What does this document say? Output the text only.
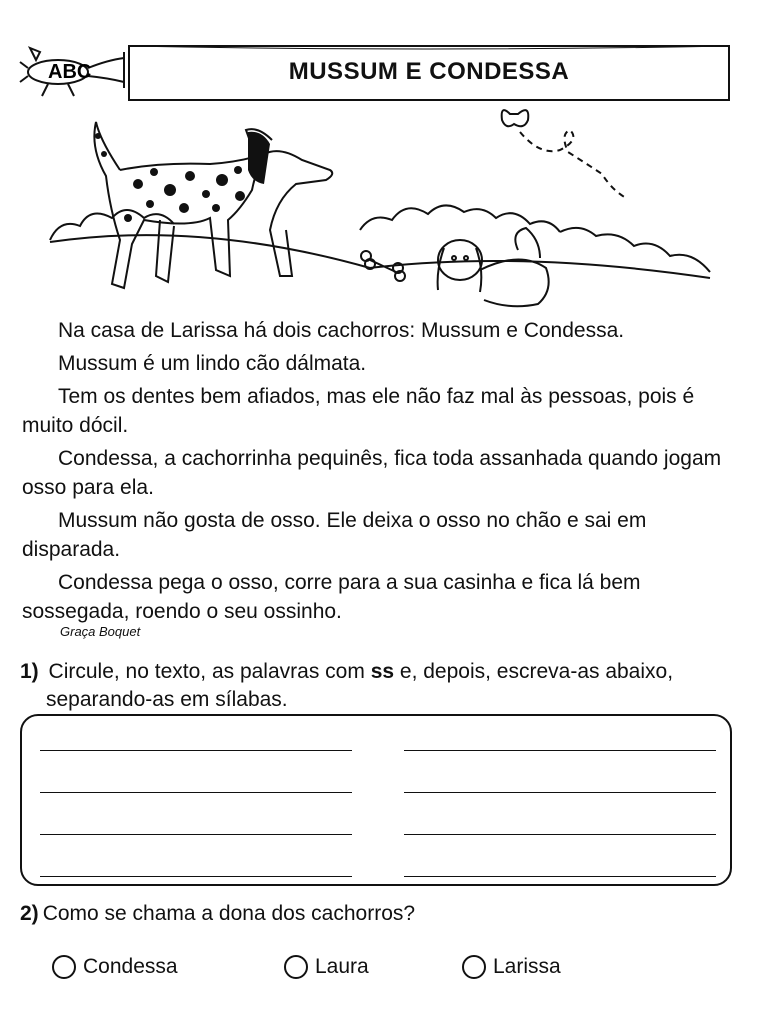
ABC	MUSSUM E CONDESSA

Na casa de Larissa há dois cachorros: Mussum e Condessa.

Mussum é um lindo cão dálmata.

Tem os dentes bem afiados, mas ele não faz mal às pessoas, pois é muito dócil.

Condessa, a cachorrinha pequinês, fica toda assanhada quando jogam osso para ela.

Mussum não gosta de osso. Ele deixa o osso no chão e sai em disparada.

Condessa pega o osso, corre para a sua casinha e fica lá bem sossegada, roendo o seu ossinho.

Graça Boquet
1) Circule, no texto, as palavras com ss e, depois, escreva-as abaixo,
separando-as em sílabas.
2) Como se chama a dona dos cachorros?
Condessa	Laura	Larissa
